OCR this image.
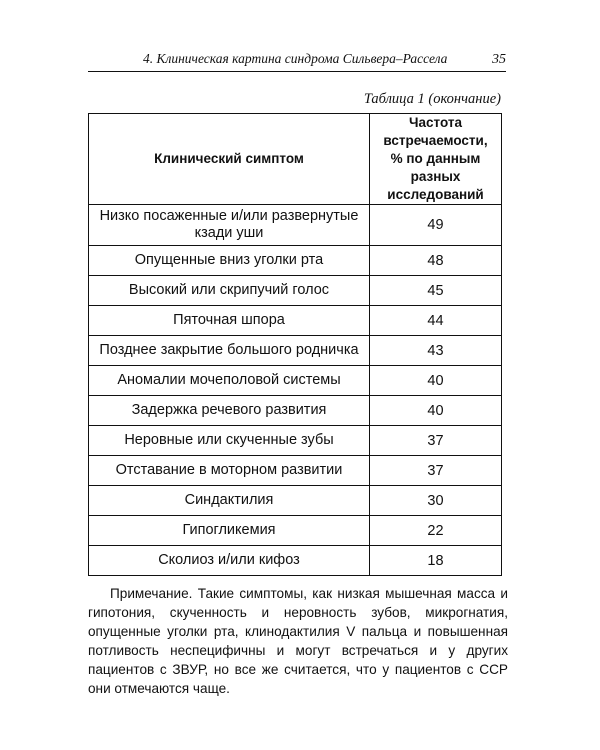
4. Клиническая картина синдрома Сильвера–Рассела	35
Таблица 1 (окончание)
Клинический симптом	Частота встречаемости, % по данным разных исследований
Низко посаженные и/или развернутые кзади уши	49
Опущенные вниз уголки рта	48
Высокий или скрипучий голос	45
Пяточная шпора	44
Позднее закрытие большого родничка	43
Аномалии мочеполовой системы	40
Задержка речевого развития	40
Неровные или скученные зубы	37
Отставание в моторном развитии	37
Синдактилия	30
Гипогликемия	22
Сколиоз и/или кифоз	18

Примечание. Такие симптомы, как низкая мышечная масса и гипотония, скученность и неровность зубов, микрогнатия, опущенные уголки рта, клинодактилия V пальца и повышенная потливость неспецифичны и могут встречаться и у других пациентов с ЗВУР, но все же считается, что у пациентов с ССР они отмечаются чаще.
